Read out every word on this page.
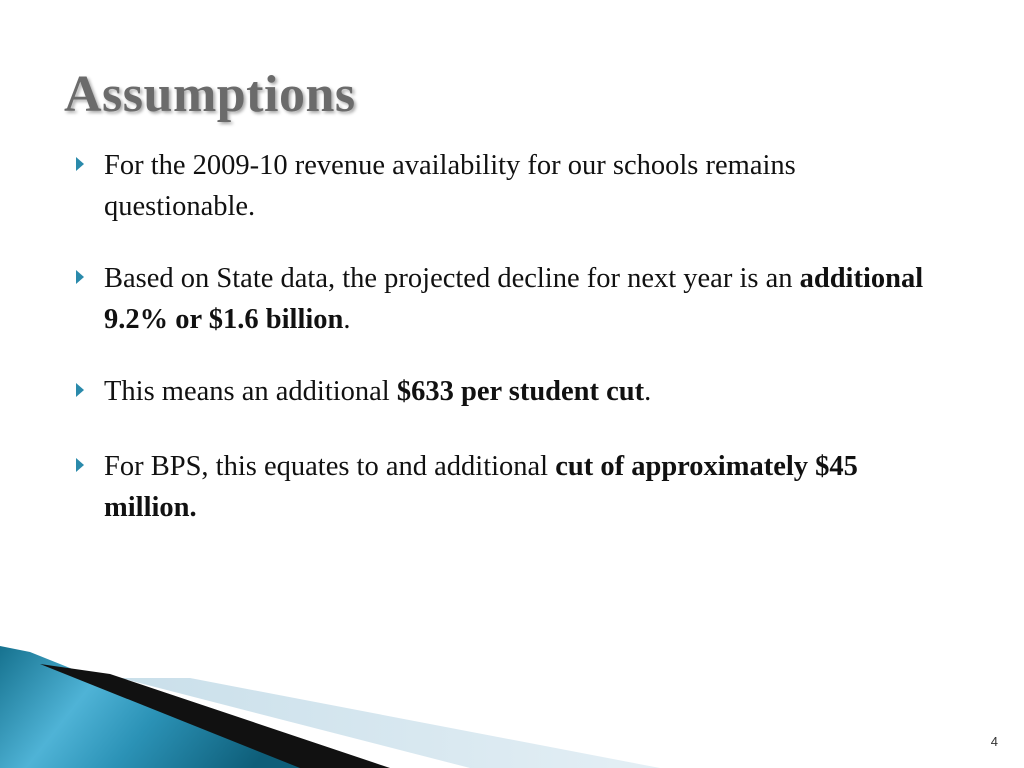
Assumptions
For the 2009-10 revenue availability for our schools remains questionable.
Based on State data, the projected decline for next year is an additional 9.2% or $1.6 billion.
This means an additional $633 per student cut.
For BPS, this equates to and additional cut of approximately $45 million.
4
